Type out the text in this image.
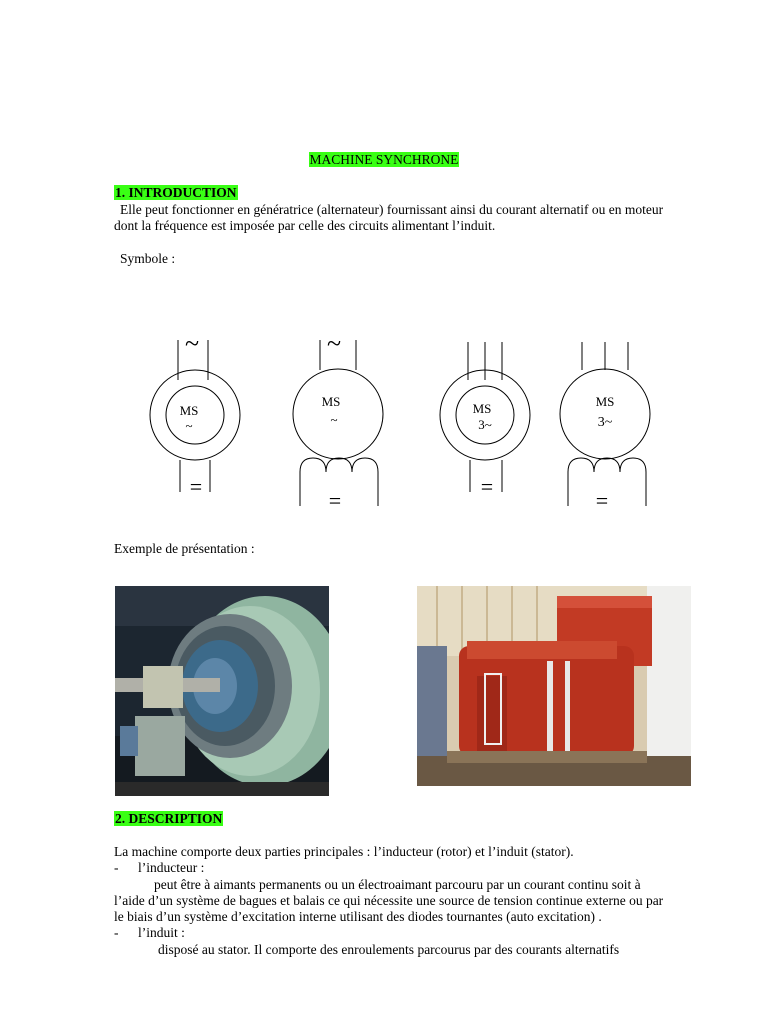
MACHINE SYNCHRONE
1. INTRODUCTION
Elle peut fonctionner en génératrice (alternateur) fournissant ainsi du courant alternatif ou en moteur
dont la fréquence est imposée par celle des circuits alimentant l’induit.
Symbole :
~
MS
~
=
~
MS
~
=
MS
3~
=
MS
3~
=
Exemple de présentation :
2. DESCRIPTION
La machine comporte deux parties principales : l’inducteur (rotor) et l’induit (stator).
- l’inducteur :
peut être à aimants permanents ou un électroaimant parcouru par un courant continu soit à
l’aide d’un système de bagues et balais ce qui nécessite une source de tension continue externe ou par
le biais d’un système d’excitation interne utilisant des diodes tournantes (auto excitation) .
- l’induit :
disposé au stator. Il comporte des enroulements parcourus par des courants alternatifs
